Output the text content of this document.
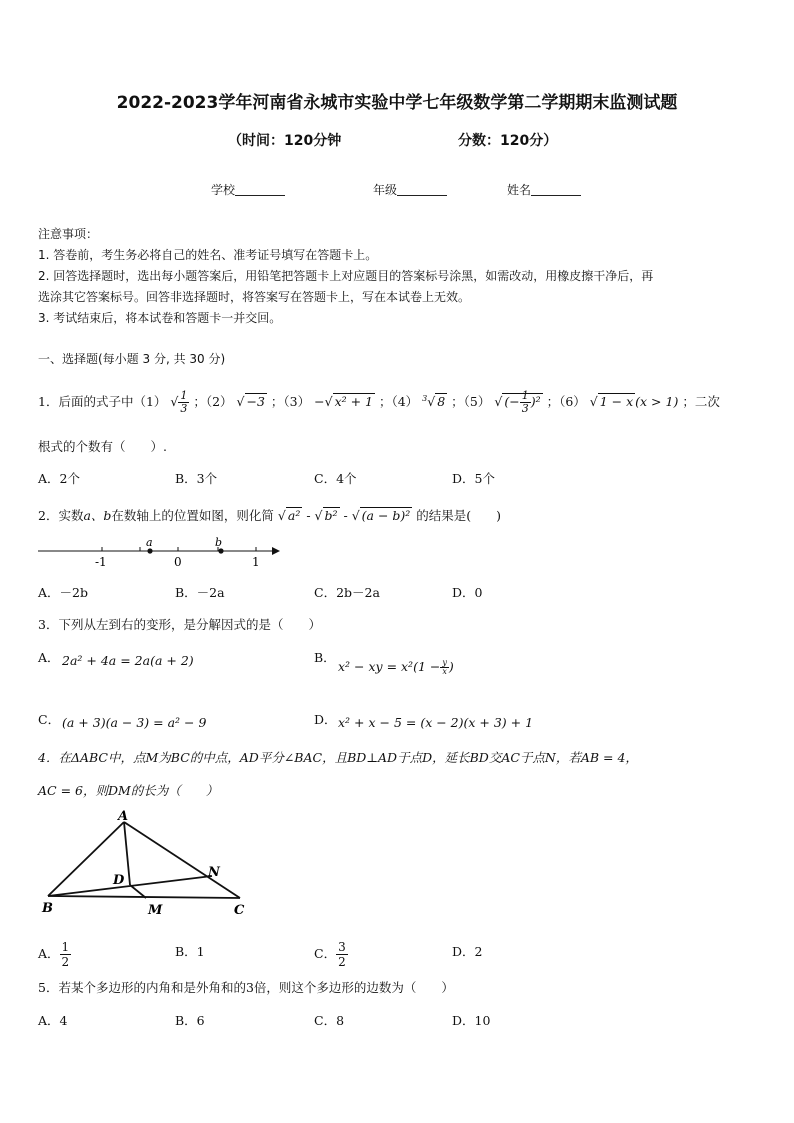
2022-2023学年河南省永城市实验中学七年级数学第二学期期末监测试题
（时间：120分钟	分数：120分）
学校	年级	姓名
注意事项：
1. 答卷前，考生务必将自己的姓名、准考证号填写在答题卡上。
2. 回答选择题时，选出每小题答案后，用铅笔把答题卡上对应题目的答案标号涂黑，如需改动，用橡皮擦干净后，再
选涂其它答案标号。回答非选择题时，将答案写在答题卡上，写在本试卷上无效。
3. 考试结束后，将本试卷和答题卡一并交回。
一、选择题(每小题 3 分, 共 30 分)
1．后面的式子中（1） √ $\frac{1}{3}$ ；（2） √ −3 ；（3） −√ x² + 1 ；（4） $^3$√ 8 ；（5） √ (− $\frac{1}{3} )^2$ ；（6） √ 1 − x (x > 1) ；二次
根式的个数有（　　）.
A．2个	B．3个	C．4个	D．5个
2．实数a、b在数轴上的位置如图，则化简 √ a² - √ b² - √ (a − b)² 的结果是(　　)
a	b
-1	0	1
A．－2b	B．－2a	C．2b－2a	D．0
3．下列从左到右的变形，是分解因式的是（　　）
A． 2a² + 4a = 2a(a + 2)	B．
x² − xy = $x^2(1 - \frac{y}{x}$ )
C． (a + 3)(a − 3) = a² − 9	D． x² + x − 5 = (x − 2)(x + 3) + 1
4．在ΔABC中，点M为BC的中点，AD平分∠BAC，且BD⊥AD于点D，延长BD交AC于点N，若AB = 4，
AC = 6，则DM的长为（　　）
A
B	C
D
M
N
A． $\frac{1}{2}$	B．1	C． $\frac{3}{2}$	D．2
5．若某个多边形的内角和是外角和的3倍，则这个多边形的边数为（　　）
A．4	B．6	C．8	D．10
